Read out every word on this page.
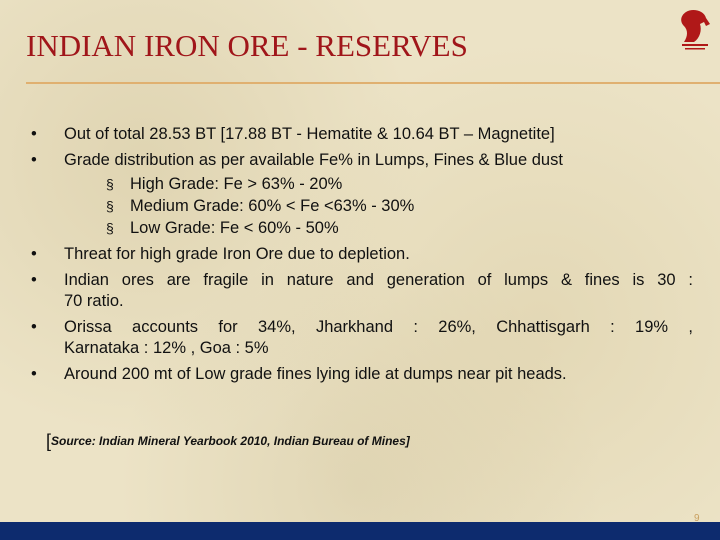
INDIAN IRON ORE - RESERVES
• Out of total 28.53 BT [17.88 BT - Hematite & 10.64 BT – Magnetite]
• Grade distribution as per available Fe% in Lumps, Fines & Blue dust
§ High Grade: Fe > 63% - 20%
§ Medium Grade: 60% < Fe <63% - 30%
§ Low Grade: Fe < 60% - 50%
• Threat for high grade Iron Ore due to depletion.
• Indian ores are fragile in nature and generation of lumps & fines is 30 :
70 ratio.
• Orissa accounts for 34%, Jharkhand : 26%, Chhattisgarh : 19% ,
Karnataka : 12% , Goa : 5%
• Around 200 mt of Low grade fines lying idle at dumps near pit heads.
[Source: Indian Mineral Yearbook 2010, Indian Bureau of Mines]
9
